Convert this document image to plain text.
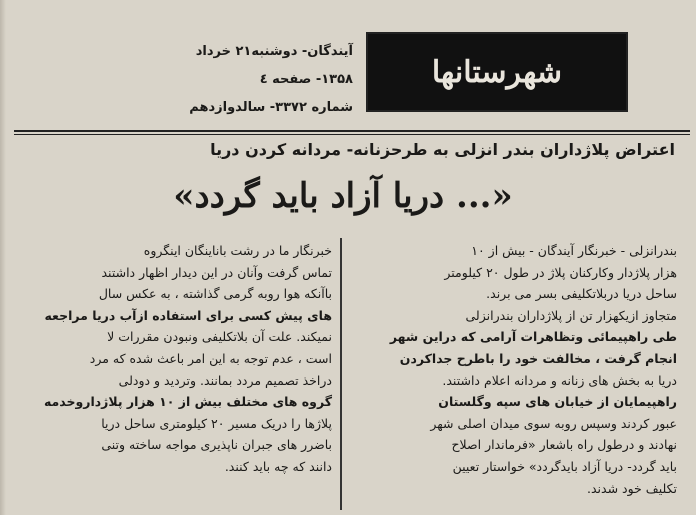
شهرستانها
آیندگان- دوشنبه۲۱ خرداد
۱۳۵۸- صفحه ٤
شماره ۳۳۷۲- سالدوازدهم
اعتراض پلاژداران بندر انزلی به طرحزنانه- مردانه کردن دریا
«... دریا آزاد باید گردد»
بندرانزلی - خبرنگار آیندگان - بیش از ۱۰
هزار پلاژدار وکارکنان پلاژ در طول ۲۰ کیلومتر
ساحل دریا دربلاتکلیفی بسر می برند.
متجاوز ازیکهزار تن از پلاژداران بندرانزلی
طی راهپیمائی وتظاهرات آرامی که دراین شهر
انجام گرفت ، مخالفت خود را باطرح جداکردن
دریا به بخش های زنانه و مردانه اعلام داشتند.
راهپیمایان از خیابان های سپه وگلستان
عبور کردند وسپس روبه سوی میدان اصلی شهر
نهادند و درطول راه باشعار «فرماندار اصلاح
باید گردد- دریا آزاد بایدگردد» خواستار تعیین
تکلیف خود شدند.
خبرنگار ما در رشت باناینگان اینگروه
تماس گرفت وآنان در این دیدار اظهار داشتند
باآنکه هوا روبه گرمی گذاشته ، به عکس سال
های پیش کسی برای استفاده ازآب دریا مراجعه
نمیکند. علت آن بلاتکلیفی ونبودن مقررات لا
است ، عدم توجه به این امر باعث شده که مرد
دراخذ تصمیم مردد بمانند. وتردید و دودلی
گروه های مختلف بیش از ۱۰ هزار پلاژداروخدمه
پلاژها را دریک مسیر ۲۰ کیلومتری ساحل دریا
باضرر های جبران ناپذیری مواجه ساخته وتنی
دانند که چه باید کنند.
